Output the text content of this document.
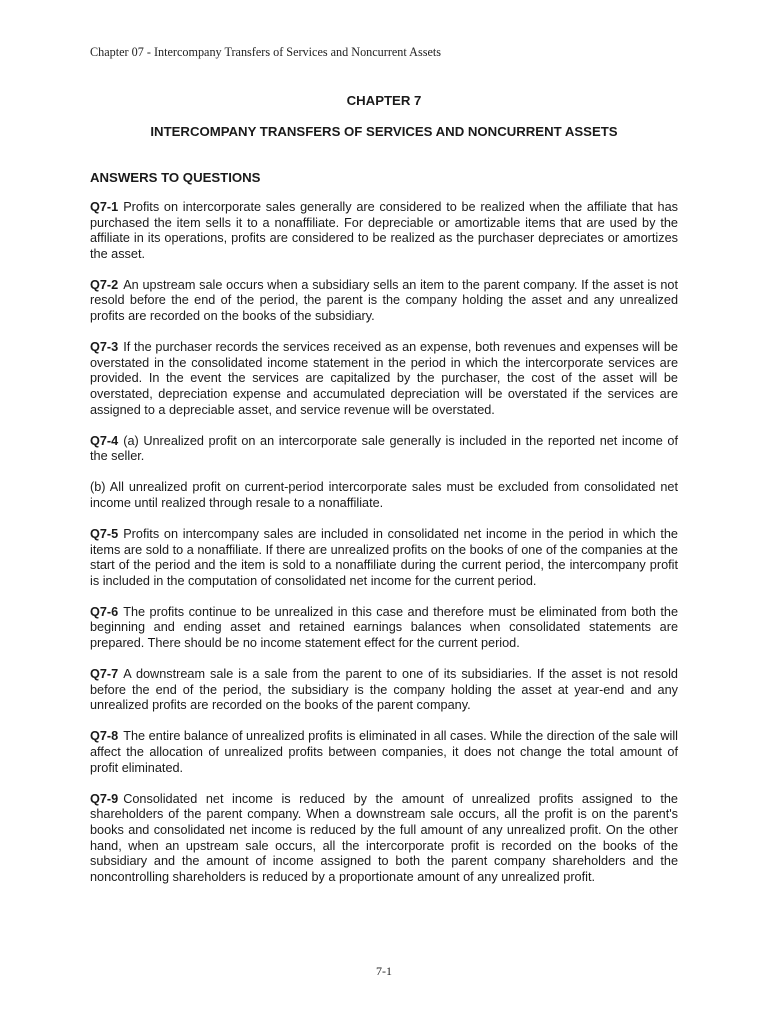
Chapter 07 - Intercompany Transfers of Services and Noncurrent Assets
CHAPTER 7
INTERCOMPANY TRANSFERS OF SERVICES AND NONCURRENT ASSETS
ANSWERS TO QUESTIONS

Q7-1 Profits on intercorporate sales generally are considered to be realized when the affiliate that has purchased the item sells it to a nonaffiliate. For depreciable or amortizable items that are used by the affiliate in its operations, profits are considered to be realized as the purchaser depreciates or amortizes the asset.

Q7-2 An upstream sale occurs when a subsidiary sells an item to the parent company. If the asset is not resold before the end of the period, the parent is the company holding the asset and any unrealized profits are recorded on the books of the subsidiary.

Q7-3 If the purchaser records the services received as an expense, both revenues and expenses will be overstated in the consolidated income statement in the period in which the intercorporate services are provided. In the event the services are capitalized by the purchaser, the cost of the asset will be overstated, depreciation expense and accumulated depreciation will be overstated if the services are assigned to a depreciable asset, and service revenue will be overstated.

Q7-4 (a) Unrealized profit on an intercorporate sale generally is included in the reported net income of the seller.

(b) All unrealized profit on current-period intercorporate sales must be excluded from consolidated net income until realized through resale to a nonaffiliate.

Q7-5 Profits on intercompany sales are included in consolidated net income in the period in which the items are sold to a nonaffiliate. If there are unrealized profits on the books of one of the companies at the start of the period and the item is sold to a nonaffiliate during the current period, the intercompany profit is included in the computation of consolidated net income for the current period.

Q7-6 The profits continue to be unrealized in this case and therefore must be eliminated from both the beginning and ending asset and retained earnings balances when consolidated statements are prepared. There should be no income statement effect for the current period.

Q7-7 A downstream sale is a sale from the parent to one of its subsidiaries. If the asset is not resold before the end of the period, the subsidiary is the company holding the asset at year-end and any unrealized profits are recorded on the books of the parent company.

Q7-8 The entire balance of unrealized profits is eliminated in all cases. While the direction of the sale will affect the allocation of unrealized profits between companies, it does not change the total amount of profit eliminated.

Q7-9 Consolidated net income is reduced by the amount of unrealized profits assigned to the shareholders of the parent company. When a downstream sale occurs, all the profit is on the parent's books and consolidated net income is reduced by the full amount of any unrealized profit. On the other hand, when an upstream sale occurs, all the intercorporate profit is recorded on the books of the subsidiary and the amount of income assigned to both the parent company shareholders and the noncontrolling shareholders is reduced by a proportionate amount of any unrealized profit.

7-1
